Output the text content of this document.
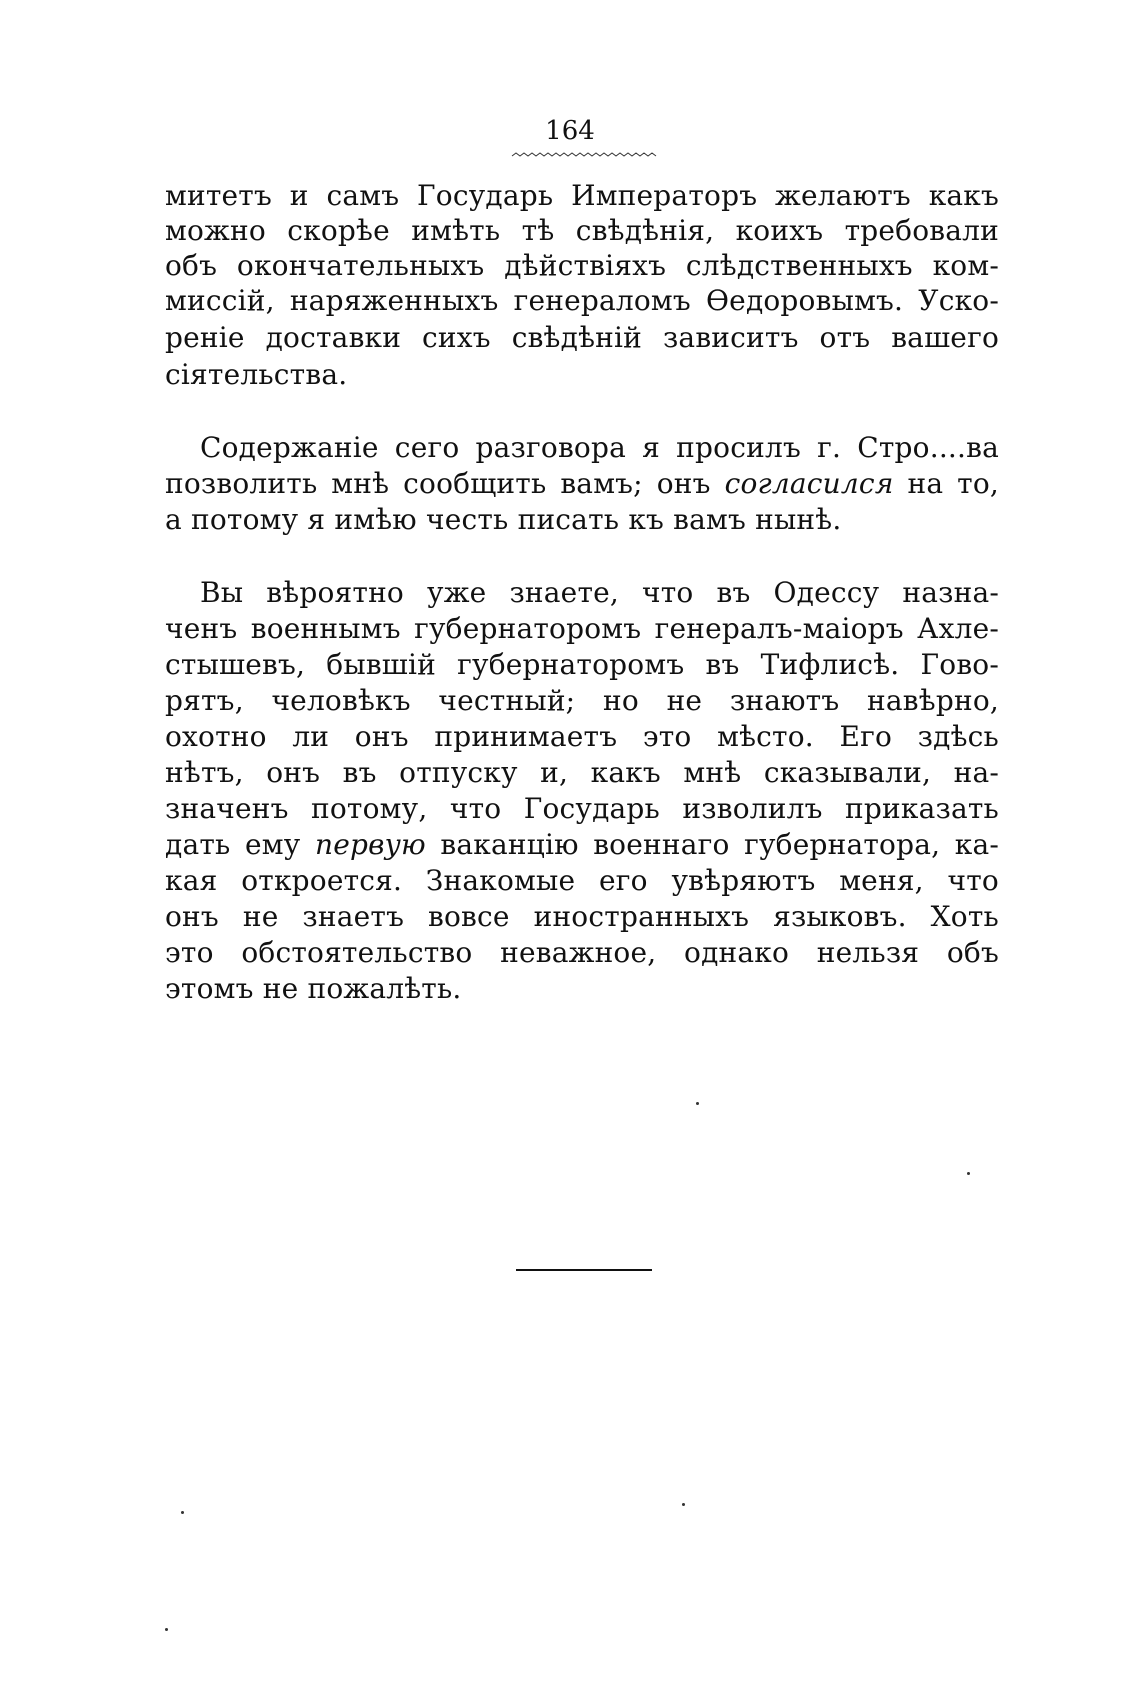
164
митетъ и самъ Государь Императоръ желаютъ какъ
можно скорѣе имѣть тѣ свѣдѣнія, коихъ требовали
объ окончательныхъ дѣйствіяхъ слѣдственныхъ ком-
миссій, наряженныхъ генераломъ Ѳедоровымъ. Уско-
реніе доставки сихъ свѣдѣній зависитъ отъ вашего
сіятельства.
Содержаніе сего разговора я просилъ г. Стро....ва
позволить мнѣ сообщить вамъ; онъ согласился на то,
а потому я имѣю честь писать къ вамъ нынѣ.
Вы вѣроятно уже знаете, что въ Одессу назна-
ченъ военнымъ губернаторомъ генералъ-маіоръ Ахле-
стышевъ, бывшій губернаторомъ въ Тифлисѣ. Гово-
рятъ, человѣкъ честный; но не знаютъ навѣрно,
охотно ли онъ принимаетъ это мѣсто. Его здѣсь
нѣтъ, онъ въ отпуску и, какъ мнѣ сказывали, на-
значенъ потому, что Государь изволилъ приказать
дать ему первую ваканцію военнаго губернатора, ка-
кая откроется. Знакомые его увѣряютъ меня, что
онъ не знаетъ вовсе иностранныхъ языковъ. Хоть
это обстоятельство неважное, однако нельзя объ
этомъ не пожалѣть.
